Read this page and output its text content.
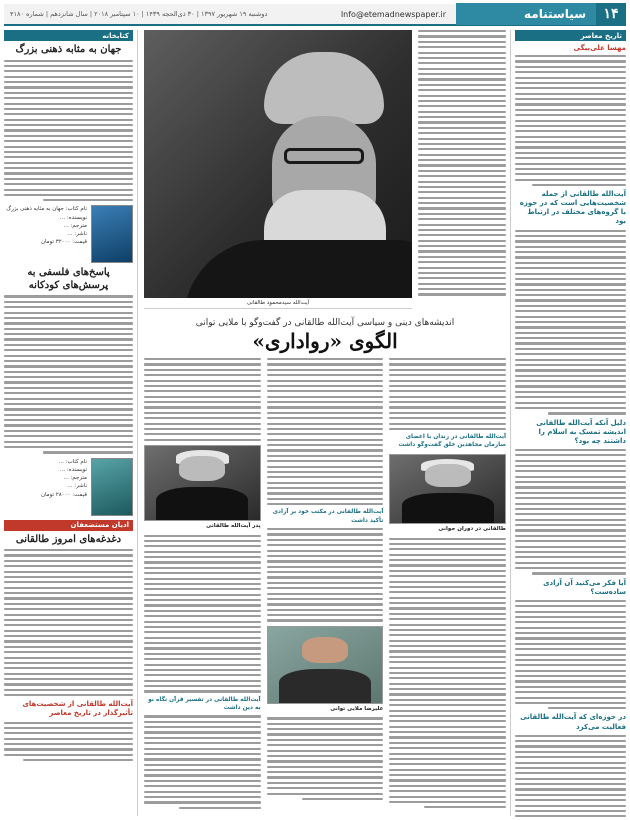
۱۴
سیاستنامه
Info@etemadnewspaper.ir
دوشنبه ۱۹ شهریور ۱۳۹۷ | ۳۰ ذی‌الحجه ۱۴۳۹ | ۱۰ سپتامبر ۲۰۱۸ | سال شانزدهم | شماره ۴۱۸۰
تاریخ معاصر
مهسا علی‌بیگی
آیت‌الله طالقانی از جمله شخصیت‌هایی است که در حوزه با گروه‌های مختلف در ارتباط بود
دلیل آنکه آیت‌الله طالقانی اندیشه تمسک به اسلام را داشتند چه بود؟
آیا فکر می‌کنید آن آزادی ساده‌ست؟
در حوزه‌ای که آیت‌الله طالقانی فعالیت می‌کرد
کتابخانه
جهان به مثابه ذهنی بزرگ
نام کتاب: جهان به مثابه ذهنی بزرگ
نویسنده: ...
مترجم: ...
ناشر: ...
قیمت: ۳۲۰۰۰ تومان
پاسخ‌های فلسفی به پرسش‌های کودکانه
نام کتاب: ...
نویسنده: ...
مترجم: ...
ناشر: ...
قیمت: ۲۸۰۰۰ تومان
ادیان مستضعفان
دغدغه‌های امروز طالقانی
آیت‌الله طالقانی از شخصیت‌های تأثیرگذار در تاریخ معاصر
آیت‌الله سیدمحمود طالقانی
اندیشه‌های دینی و سیاسی آیت‌الله طالقانی در گفت‌وگو با ملایی توانی
الگوی «رواداری»
آیت‌الله طالقانی در زندان با اعضای سازمان مجاهدین خلق گفت‌وگو داشت
طالقانی در دوران جوانی
آیت‌الله طالقانی در مکتب خود بر آزادی تأکید داشت
علیرضا ملایی توانی
پدر آیت‌الله طالقانی
آیت‌الله طالقانی در تفسیر قرآن نگاه نو به دین داشت
